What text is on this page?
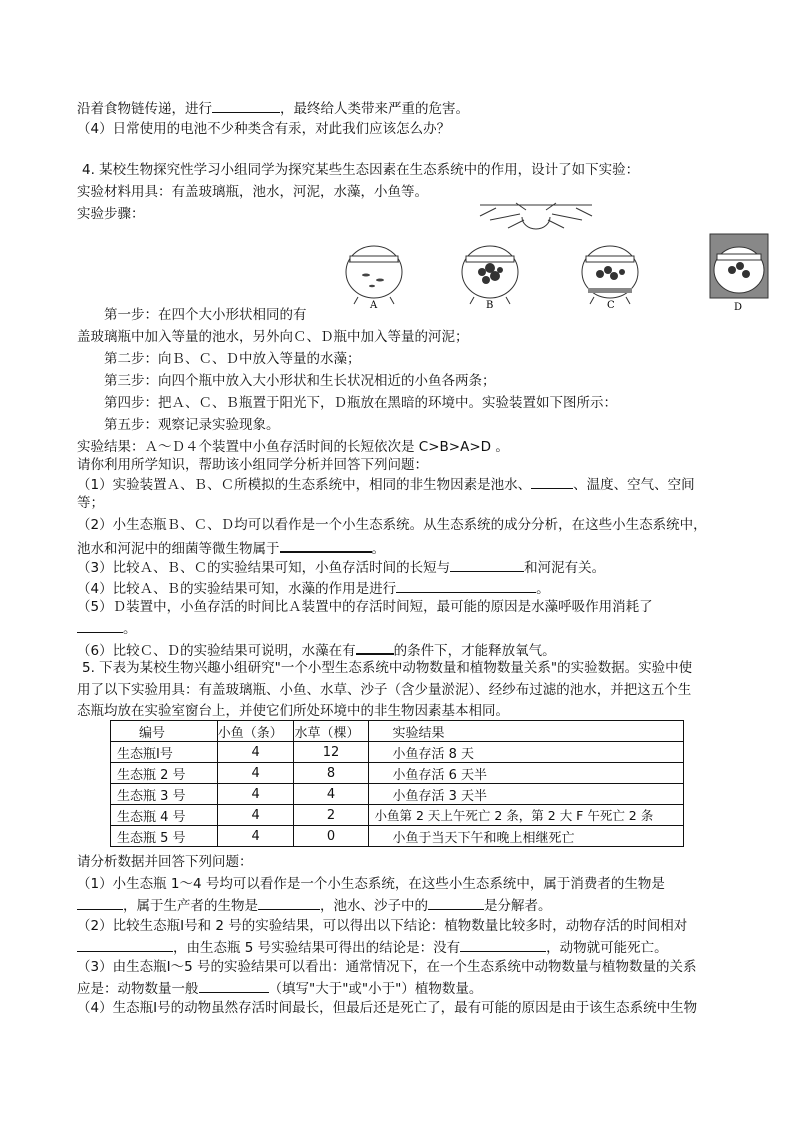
沿着食物链传递，进行	，最终给人类带来严重的危害。
（4）日常使用的电池不少种类含有汞，对此我们应该怎么办？
4. 某校生物探究性学习小组同学为探究某些生态因素在生态系统中的作用，设计了如下实验：
实验材料用具：有盖玻璃瓶，池水，河泥，水藻，小鱼等。
实验步骤：
A	B	C	D
第一步：在四个大小形状相同的有
盖玻璃瓶中加入等量的池水，另外向Ｃ、Ｄ瓶中加入等量的河泥；
第二步：向Ｂ、Ｃ、Ｄ中放入等量的水藻；
第三步：向四个瓶中放入大小形状和生长状况相近的小鱼各两条；
第四步：把Ａ、Ｃ、Ｂ瓶置于阳光下，Ｄ瓶放在黑暗的环境中。实验装置如下图所示：
第五步：观察记录实验现象。
实验结果：Ａ～Ｄ４个装置中小鱼存活时间的长短依次是 C>B>A>D 。
请你利用所学知识，帮助该小组同学分析并回答下列问题：
（1）实验装置Ａ、Ｂ、Ｃ所模拟的生态系统中，相同的非生物因素是池水、	、温度、空气、空间
等；
（2）小生态瓶Ｂ、Ｃ、Ｄ均可以看作是一个小生态系统。从生态系统的成分分析，在这些小生态系统中，
池水和河泥中的细菌等微生物属于	。
（3）比较Ａ、Ｂ、Ｃ的实验结果可知，小鱼存活时间的长短与	和河泥有关。
（4）比较Ａ、Ｂ的实验结果可知，水藻的作用是进行	。
（5）Ｄ装置中，小鱼存活的时间比Ａ装置中的存活时间短，最可能的原因是水藻呼吸作用消耗了
。
（6）比较Ｃ、Ｄ的实验结果可说明，水藻在有	的条件下，才能释放氧气。
5. 下表为某校生物兴趣小组研究"一个小型生态系统中动物数量和植物数量关系"的实验数据。实验中使
用了以下实验用具：有盖玻璃瓶、小鱼、水草、沙子（含少量淤泥）、经纱布过滤的池水，并把这五个生
态瓶均放在实验室窗台上，并使它们所处环境中的非生物因素基本相同。
编号	小鱼（条）	水草（棵）	实验结果
生态瓶Ⅰ号	4	12	小鱼存活 8 天
生态瓶 2 号	4	8	小鱼存活 6 天半
生态瓶 3 号	4	4	小鱼存活 3 天半
生态瓶 4 号	4	2	小鱼第 2 天上午死亡 2 条，第 2 大 F 午死亡 2 条
生态瓶 5 号	4	0	小鱼于当天下午和晚上相继死亡
请分析数据并回答下列问题：
（1）小生态瓶 1～4 号均可以看作是一个小生态系统，在这些小生态系统中，属于消费者的生物是
，属于生产者的生物是	，池水、沙子中的	是分解者。
（2）比较生态瓶Ⅰ号和 2 号的实验结果，可以得出以下结论：植物数量比较多时，动物存活的时间相对
，由生态瓶 5 号实验结果可得出的结论是：没有	，动物就可能死亡。
（3）由生态瓶Ⅰ～5 号的实验结果可以看出：通常情况下，在一个生态系统中动物数量与植物数量的关系
应是：动物数量一般	（填写"大于"或"小于"）植物数量。
（4）生态瓶Ⅰ号的动物虽然存活时间最长，但最后还是死亡了，最有可能的原因是由于该生态系统中生物
